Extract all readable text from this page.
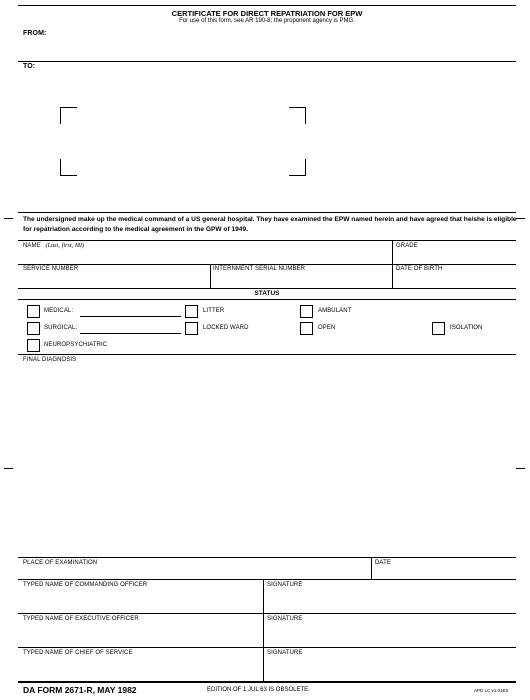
CERTIFICATE FOR DIRECT REPATRIATION FOR EPW
For use of this form, see AR 190-8; the proponent agency is PMG.
FROM:
TO:
The undersigned make up the medical command of a US general hospital. They have examined the EPW named herein and have agreed that he/she is eligible for repatriation according to the medical agreement in the GPW of 1949.
NAME (Last, first, MI)	GRADE
SERVICE NUMBER	INTERNMENT SERIAL NUMBER	DATE OF BIRTH
STATUS
MEDICAL:	LITTER	AMBULANT
SURGICAL:	LOCKED WARD	OPEN	ISOLATION
NEUROPSYCHIATRIC
FINAL DIAGNOSIS
PLACE OF EXAMINATION	DATE
TYPED NAME OF COMMANDING OFFICER	SIGNATURE
TYPED NAME OF EXECUTIVE OFFICER	SIGNATURE
TYPED NAME OF CHIEF OF SERVICE	SIGNATURE
DA FORM 2671-R, MAY 1982	EDITION OF 1 JUL 63 IS OBSOLETE.	APD LC v1.01ES
